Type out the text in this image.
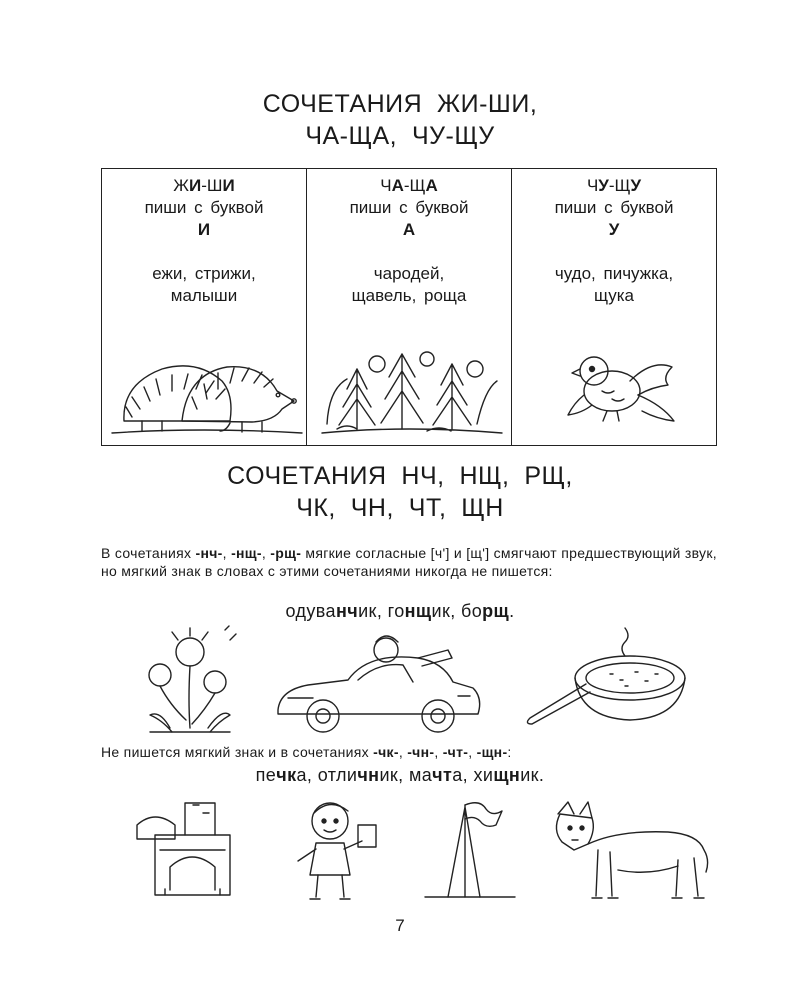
СОЧЕТАНИЯ  ЖИ-ШИ,
ЧА-ЩА,  ЧУ-ЩУ
ЖИ-ШИ
пиши с буквой
И
ежи, стрижи,
малыши

ЧА-ЩА
пиши с буквой
А
чародей,
щавель, роща

ЧУ-ЩУ
пиши с буквой
У
чудо, пичужка,
щука
СОЧЕТАНИЯ  НЧ,  НЩ,  РЩ,
ЧК,  ЧН,  ЧТ,  ЩН
В сочетаниях -нч-, -нщ-, -рщ- мягкие согласные [ч'] и [щ'] смягчают предшествующий звук, но мягкий знак в словах с этими сочетаниями никогда не пишется:
одуванчик, гонщик, борщ.
Не пишется мягкий знак и в сочетаниях -чк-, -чн-, -чт-, -щн-:
печка, отличник, мачта, хищник.
7
